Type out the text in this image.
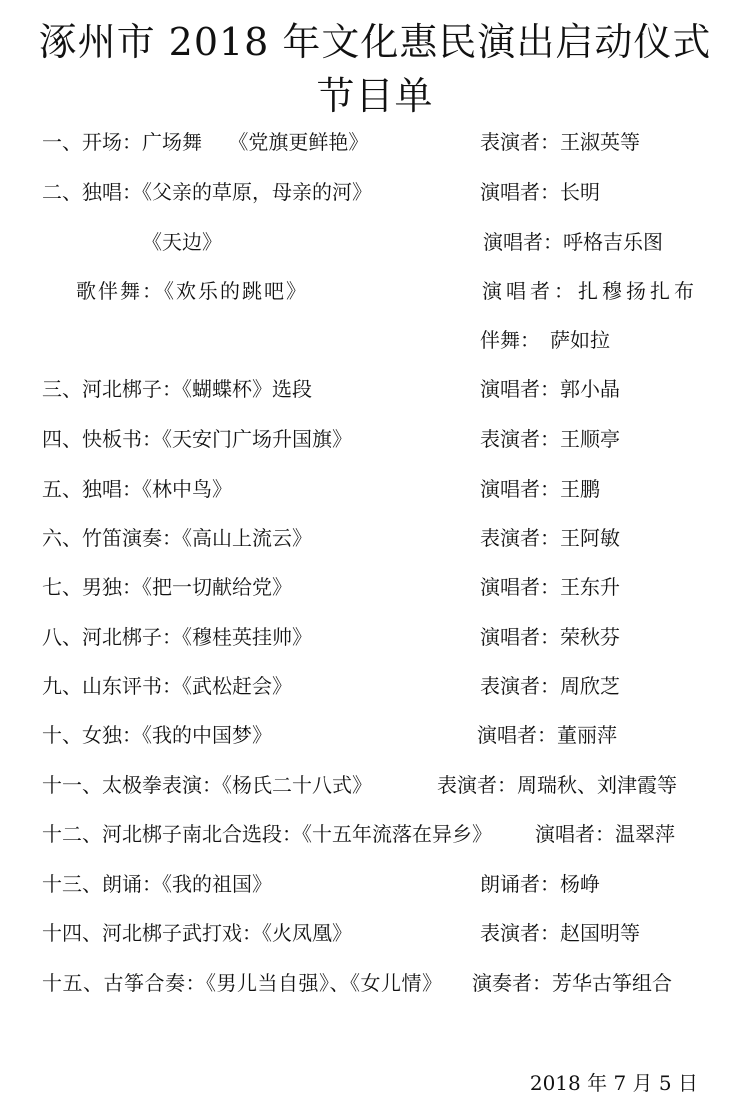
涿州市 2018 年文化惠民演出启动仪式
节目单
一、开场：广场舞　 《党旗更鲜艳》	表演者：王淑英等
二、独唱：《父亲的草原，母亲的河》	演唱者：长明
《天边》	演唱者：呼格吉乐图
歌伴舞：《欢乐的跳吧》	演唱者：扎穆扬扎布
伴舞：　萨如拉
三、河北梆子：《蝴蝶杯》选段	演唱者：郭小晶
四、快板书：《天安门广场升国旗》	表演者：王顺亭
五、独唱：《林中鸟》	演唱者：王鹏
六、竹笛演奏：《高山上流云》	表演者：王阿敏
七、男独：《把一切献给党》	演唱者：王东升
八、河北梆子：《穆桂英挂帅》	演唱者：荣秋芬
九、山东评书：《武松赶会》	表演者：周欣芝
十、女独：《我的中国梦》	演唱者：董丽萍
十一、太极拳表演：《杨氏二十八式》	表演者：周瑞秋、刘津霞等
十二、河北梆子南北合选段：《十五年流落在异乡》 演唱者：温翠萍
十三、朗诵：《我的祖国》	朗诵者：杨峥
十四、河北梆子武打戏：《火凤凰》	表演者：赵国明等
十五、古筝合奏：《男儿当自强》、《女儿情》 演奏者：芳华古筝组合
2018 年 7 月 5 日
